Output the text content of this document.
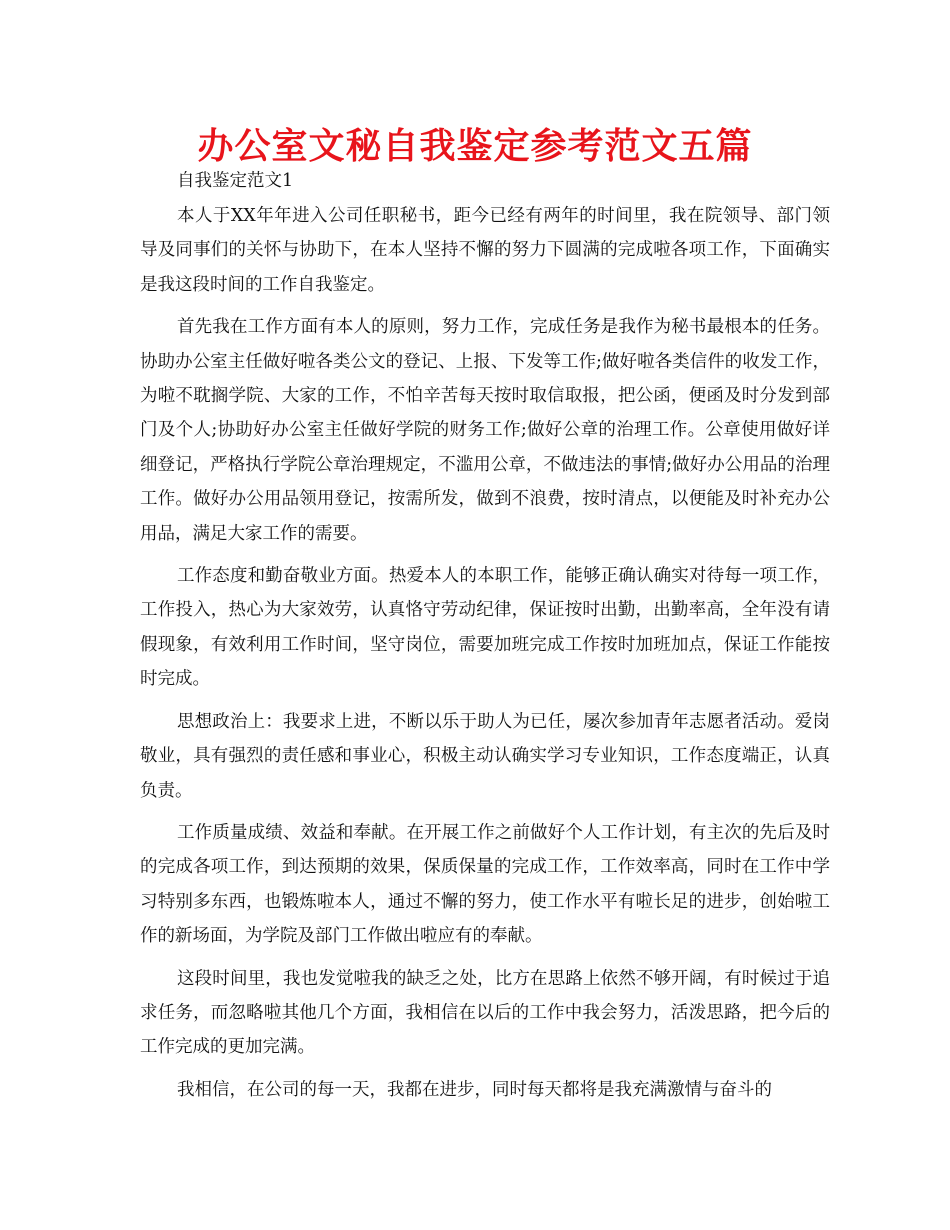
办公室文秘自我鉴定参考范文五篇

自我鉴定范文1

本人于XX年年进入公司任职秘书，距今已经有两年的时间里，我在院领导、部门领导及同事们的关怀与协助下，在本人坚持不懈的努力下圆满的完成啦各项工作，下面确实是我这段时间的工作自我鉴定。

首先我在工作方面有本人的原则，努力工作，完成任务是我作为秘书最根本的任务。协助办公室主任做好啦各类公文的登记、上报、下发等工作;做好啦各类信件的收发工作，为啦不耽搁学院、大家的工作，不怕辛苦每天按时取信取报，把公函，便函及时分发到部门及个人;协助好办公室主任做好学院的财务工作;做好公章的治理工作。公章使用做好详细登记，严格执行学院公章治理规定，不滥用公章，不做违法的事情;做好办公用品的治理工作。做好办公用品领用登记，按需所发，做到不浪费，按时清点，以便能及时补充办公用品，满足大家工作的需要。

工作态度和勤奋敬业方面。热爱本人的本职工作，能够正确认确实对待每一项工作，工作投入，热心为大家效劳，认真恪守劳动纪律，保证按时出勤，出勤率高，全年没有请假现象，有效利用工作时间，坚守岗位，需要加班完成工作按时加班加点，保证工作能按时完成。

思想政治上：我要求上进，不断以乐于助人为已任，屡次参加青年志愿者活动。爱岗敬业，具有强烈的责任感和事业心，积极主动认确实学习专业知识，工作态度端正，认真负责。

工作质量成绩、效益和奉献。在开展工作之前做好个人工作计划，有主次的先后及时的完成各项工作，到达预期的效果，保质保量的完成工作，工作效率高，同时在工作中学习特别多东西，也锻炼啦本人，通过不懈的努力，使工作水平有啦长足的进步，创始啦工作的新场面，为学院及部门工作做出啦应有的奉献。

这段时间里，我也发觉啦我的缺乏之处，比方在思路上依然不够开阔，有时候过于追求任务，而忽略啦其他几个方面，我相信在以后的工作中我会努力，活泼思路，把今后的工作完成的更加完满。

我相信，在公司的每一天，我都在进步，同时每天都将是我充满激情与奋斗的
